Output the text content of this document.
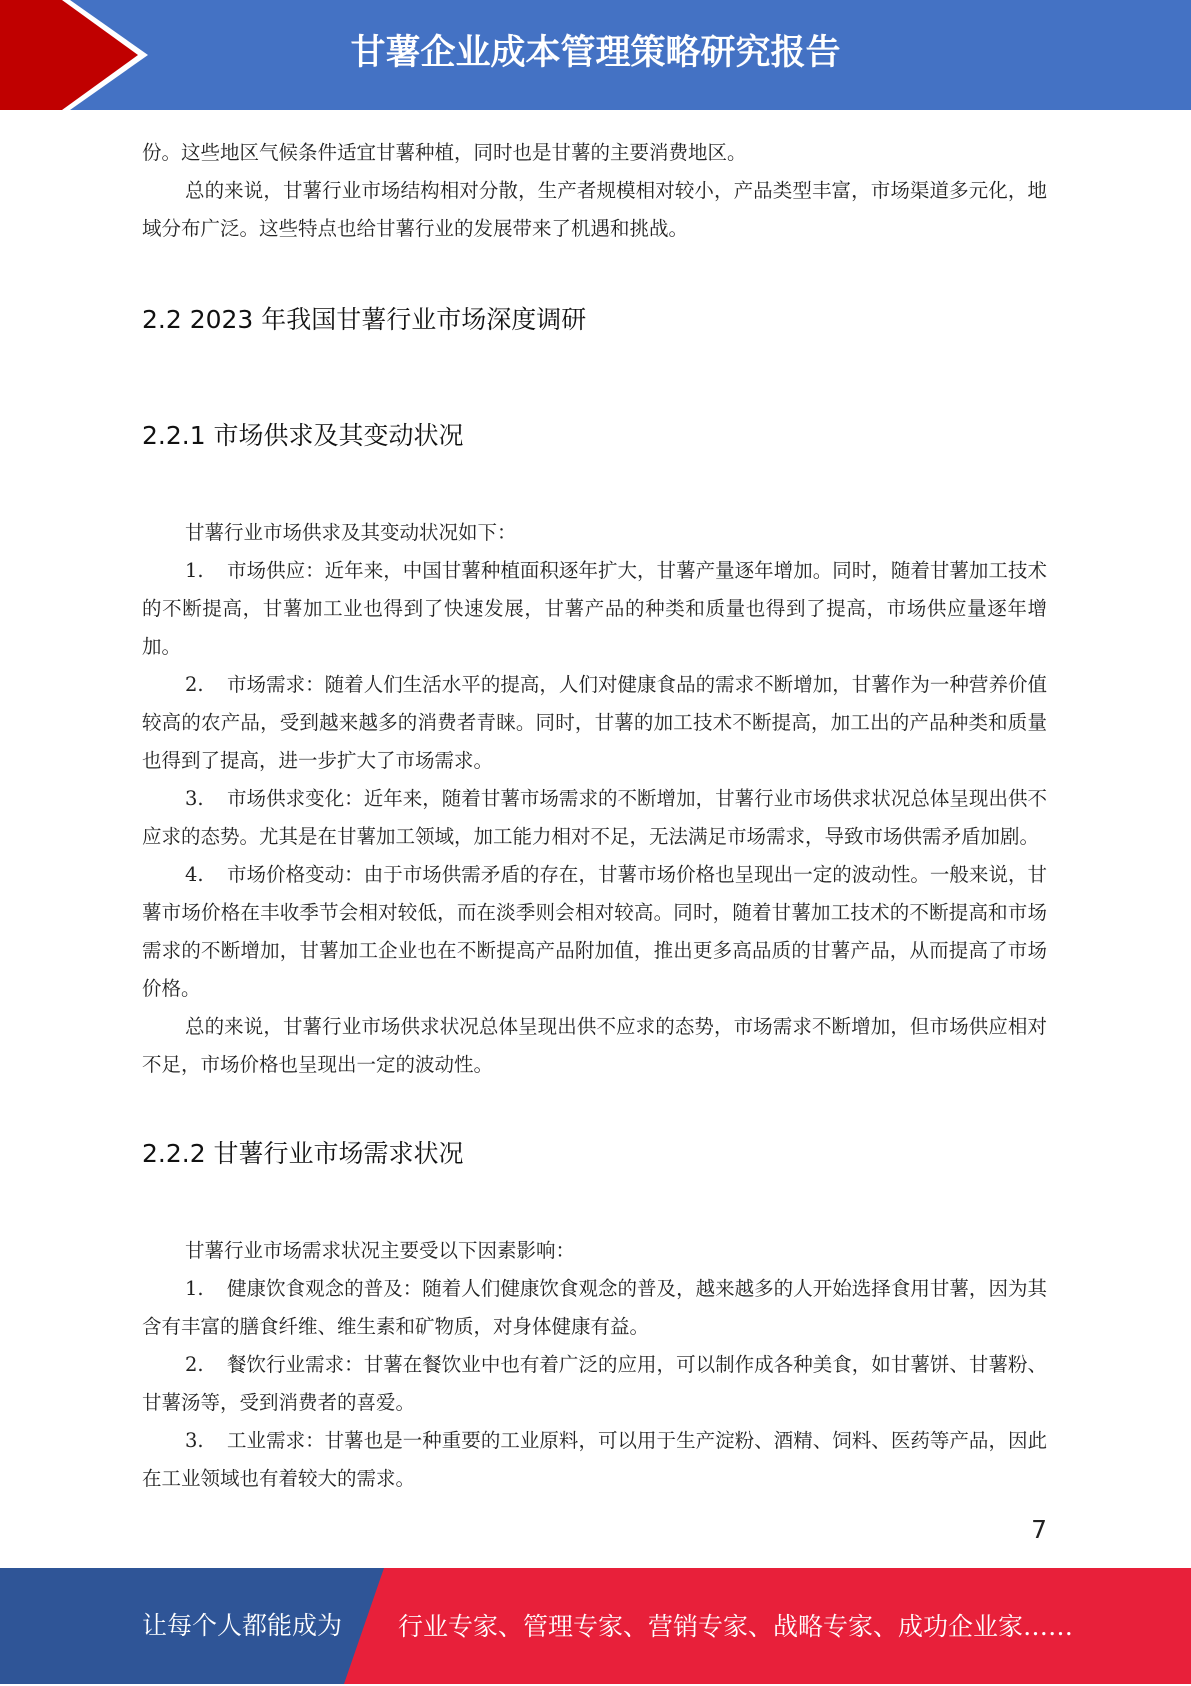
甘薯企业成本管理策略研究报告

份。这些地区气候条件适宜甘薯种植，同时也是甘薯的主要消费地区。

总的来说，甘薯行业市场结构相对分散，生产者规模相对较小，产品类型丰富，市场渠道多元化，地域分布广泛。这些特点也给甘薯行业的发展带来了机遇和挑战。

2.2 2023 年我国甘薯行业市场深度调研
2.2.1 市场供求及其变动状况

甘薯行业市场供求及其变动状况如下：

1. 市场供应：近年来，中国甘薯种植面积逐年扩大，甘薯产量逐年增加。同时，随着甘薯加工技术的不断提高，甘薯加工业也得到了快速发展，甘薯产品的种类和质量也得到了提高，市场供应量逐年增加。

2. 市场需求：随着人们生活水平的提高，人们对健康食品的需求不断增加，甘薯作为一种营养价值较高的农产品，受到越来越多的消费者青睐。同时，甘薯的加工技术不断提高，加工出的产品种类和质量也得到了提高，进一步扩大了市场需求。

3. 市场供求变化：近年来，随着甘薯市场需求的不断增加，甘薯行业市场供求状况总体呈现出供不应求的态势。尤其是在甘薯加工领域，加工能力相对不足，无法满足市场需求，导致市场供需矛盾加剧。

4. 市场价格变动：由于市场供需矛盾的存在，甘薯市场价格也呈现出一定的波动性。一般来说，甘薯市场价格在丰收季节会相对较低，而在淡季则会相对较高。同时，随着甘薯加工技术的不断提高和市场需求的不断增加，甘薯加工企业也在不断提高产品附加值，推出更多高品质的甘薯产品，从而提高了市场价格。

总的来说，甘薯行业市场供求状况总体呈现出供不应求的态势，市场需求不断增加，但市场供应相对不足，市场价格也呈现出一定的波动性。

2.2.2 甘薯行业市场需求状况

甘薯行业市场需求状况主要受以下因素影响：

1. 健康饮食观念的普及：随着人们健康饮食观念的普及，越来越多的人开始选择食用甘薯，因为其含有丰富的膳食纤维、维生素和矿物质，对身体健康有益。

2. 餐饮行业需求：甘薯在餐饮业中也有着广泛的应用，可以制作成各种美食，如甘薯饼、甘薯粉、甘薯汤等，受到消费者的喜爱。

3. 工业需求：甘薯也是一种重要的工业原料，可以用于生产淀粉、酒精、饲料、医药等产品，因此在工业领域也有着较大的需求。

7
让每个人都能成为 行业专家、管理专家、营销专家、战略专家、成功企业家……
